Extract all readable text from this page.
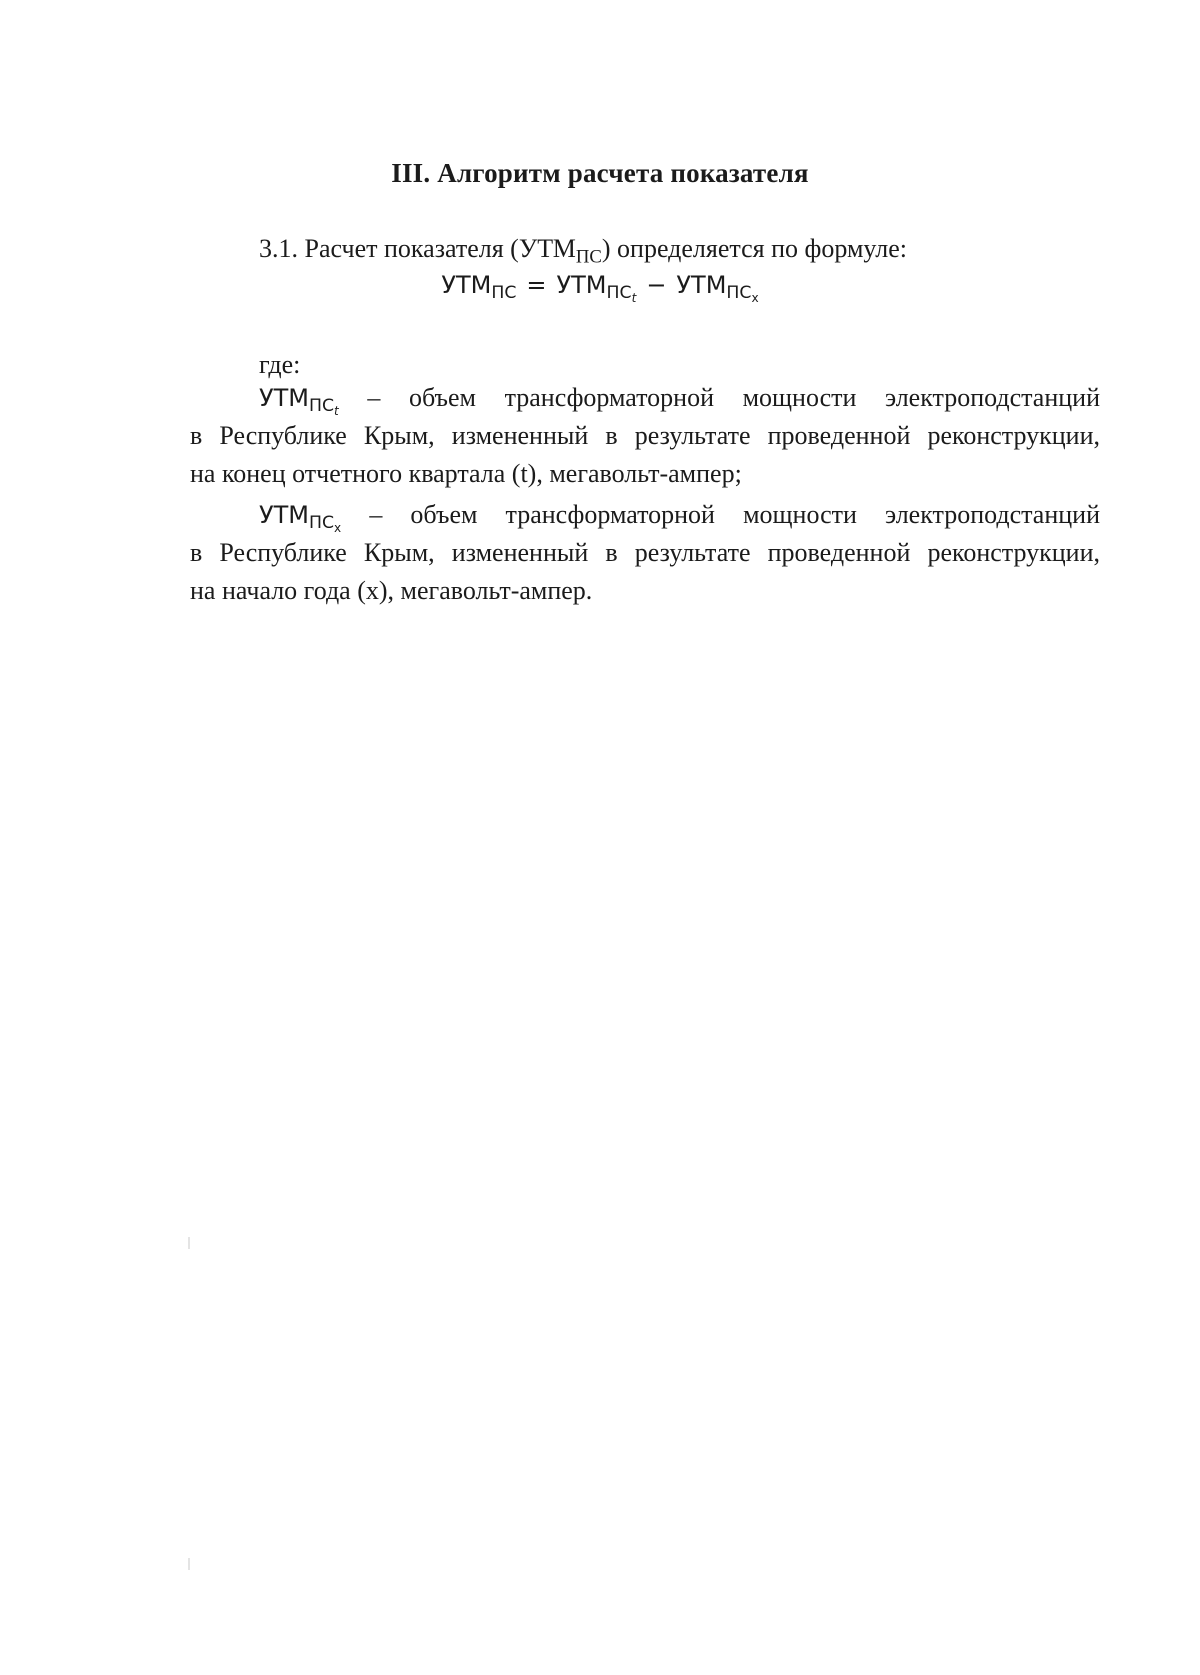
III. Алгоритм расчета показателя
3.1. Расчет показателя $(УТМ_{ПС})$ определяется по формуле:
$УТМ_{ПС} = УТМ_{ПС_t} - УТМ_{ПС_x}$
где:
$УТМ_{ПС_t}$ – объем трансформаторной мощности электроподстанций
в Республике Крым, измененный в результате проведенной реконструкции,
на конец отчетного квартала (t), мегавольт-ампер;
$УТМ_{ПС_x}$ – объем трансформаторной мощности электроподстанций
в Республике Крым, измененный в результате проведенной реконструкции,
на начало года (х), мегавольт-ампер.
